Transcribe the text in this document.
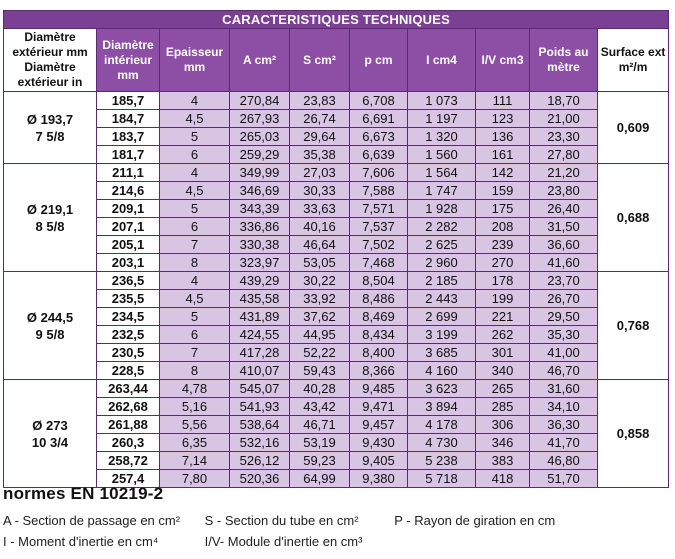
CARACTERISTIQUES TECHNIQUES									

Diamètre extérieur mm
Diamètre extérieur in	Diamètre intérieur mm	Epaisseur mm	A cm²	S cm²	p cm	I cm4	I/V cm3	Poids au mètre	Surface ext m²/m

Ø 193,7
7 5/8	185,7	4	270,84	23,83	6,708	1 073	111	18,70	0,609
	184,7	4,5	267,93	26,74	6,691	1 197	123	21,00	
	183,7	5	265,03	29,64	6,673	1 320	136	23,30	
	181,7	6	259,29	35,38	6,639	1 560	161	27,80	

Ø 219,1
8 5/8	211,1	4	349,99	27,03	7,606	1 564	142	21,20	0,688
	214,6	4,5	346,69	30,33	7,588	1 747	159	23,80	
	209,1	5	343,39	33,63	7,571	1 928	175	26,40	
	207,1	6	336,86	40,16	7,537	2 282	208	31,50	
	205,1	7	330,38	46,64	7,502	2 625	239	36,60	
	203,1	8	323,97	53,05	7,468	2 960	270	41,60	

Ø 244,5
9 5/8	236,5	4	439,29	30,22	8,504	2 185	178	23,70	0,768
	235,5	4,5	435,58	33,92	8,486	2 443	199	26,70	
	234,5	5	431,89	37,62	8,469	2 699	221	29,50	
	232,5	6	424,55	44,95	8,434	3 199	262	35,30	
	230,5	7	417,28	52,22	8,400	3 685	301	41,00	
	228,5	8	410,07	59,43	8,366	4 160	340	46,70	

Ø 273
10 3/4	263,44	4,78	545,07	40,28	9,485	3 623	265	31,60	0,858
	262,68	5,16	541,93	43,42	9,471	3 894	285	34,10	
	261,88	5,56	538,64	46,71	9,457	4 178	306	36,30	
	260,3	6,35	532,16	53,19	9,430	4 730	346	41,70	
	258,72	7,14	526,12	59,23	9,405	5 238	383	46,80	
	257,4	7,80	520,36	64,99	9,380	5 718	418	51,70	
normes EN 10219-2
A - Section de passage en cm² S - Section du tube en cm²	P - Rayon de giration en cm
I - Moment d'inertie en cm⁴	I/V- Module d'inertie en cm³
